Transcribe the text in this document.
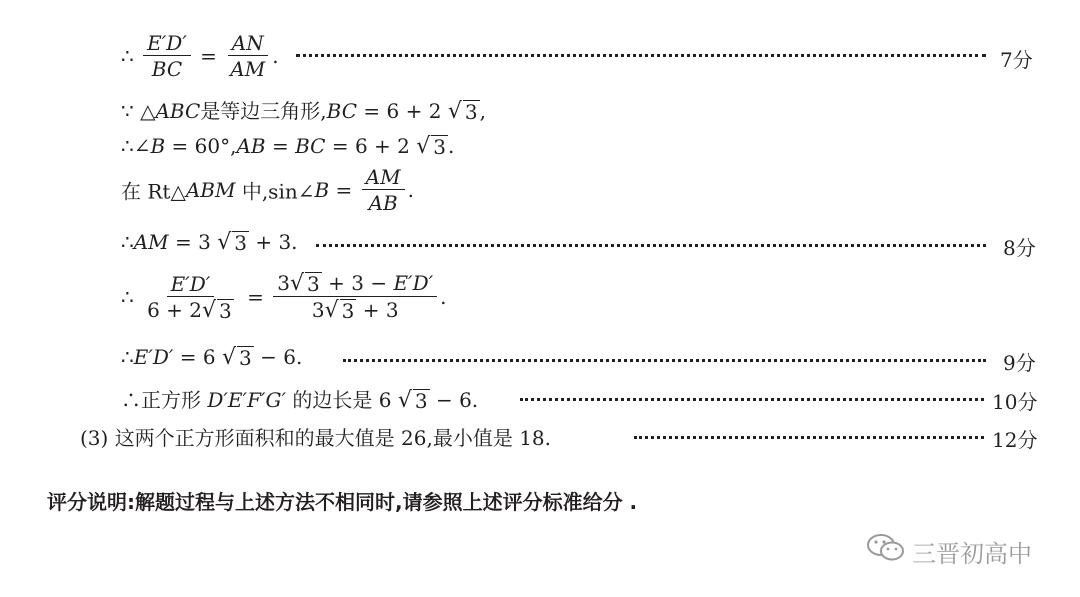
∴ $\frac{E'D'}{BC} = \frac{AN}{AM}$ .	7分
∵ △ABC是等边三角形,BC = 6 + 2 √ 3 ,
∴∠B = 60°,AB = BC = 6 + 2 √ 3 .
在 Rt△ABM 中,sin∠B = $\frac{AM}{AB}$ .
∴AM = 3 √ 3 + 3.	8分
∴ $\frac{E'D'}{6 + 2 √ 3} = \frac{3 √ 3 + 3 - E'D'}{3 √ 3 + 3}$ .
∴E′D′ = 6 √ 3 − 6.	9分
∴正方形 D′E′F′G′ 的边长是 6 √ 3 − 6.	10分
(3) 这两个正方形面积和的最大值是 26,最小值是 18.	12分
评分说明:解题过程与上述方法不相同时,请参照上述评分标准给分 .
三晋初高中
